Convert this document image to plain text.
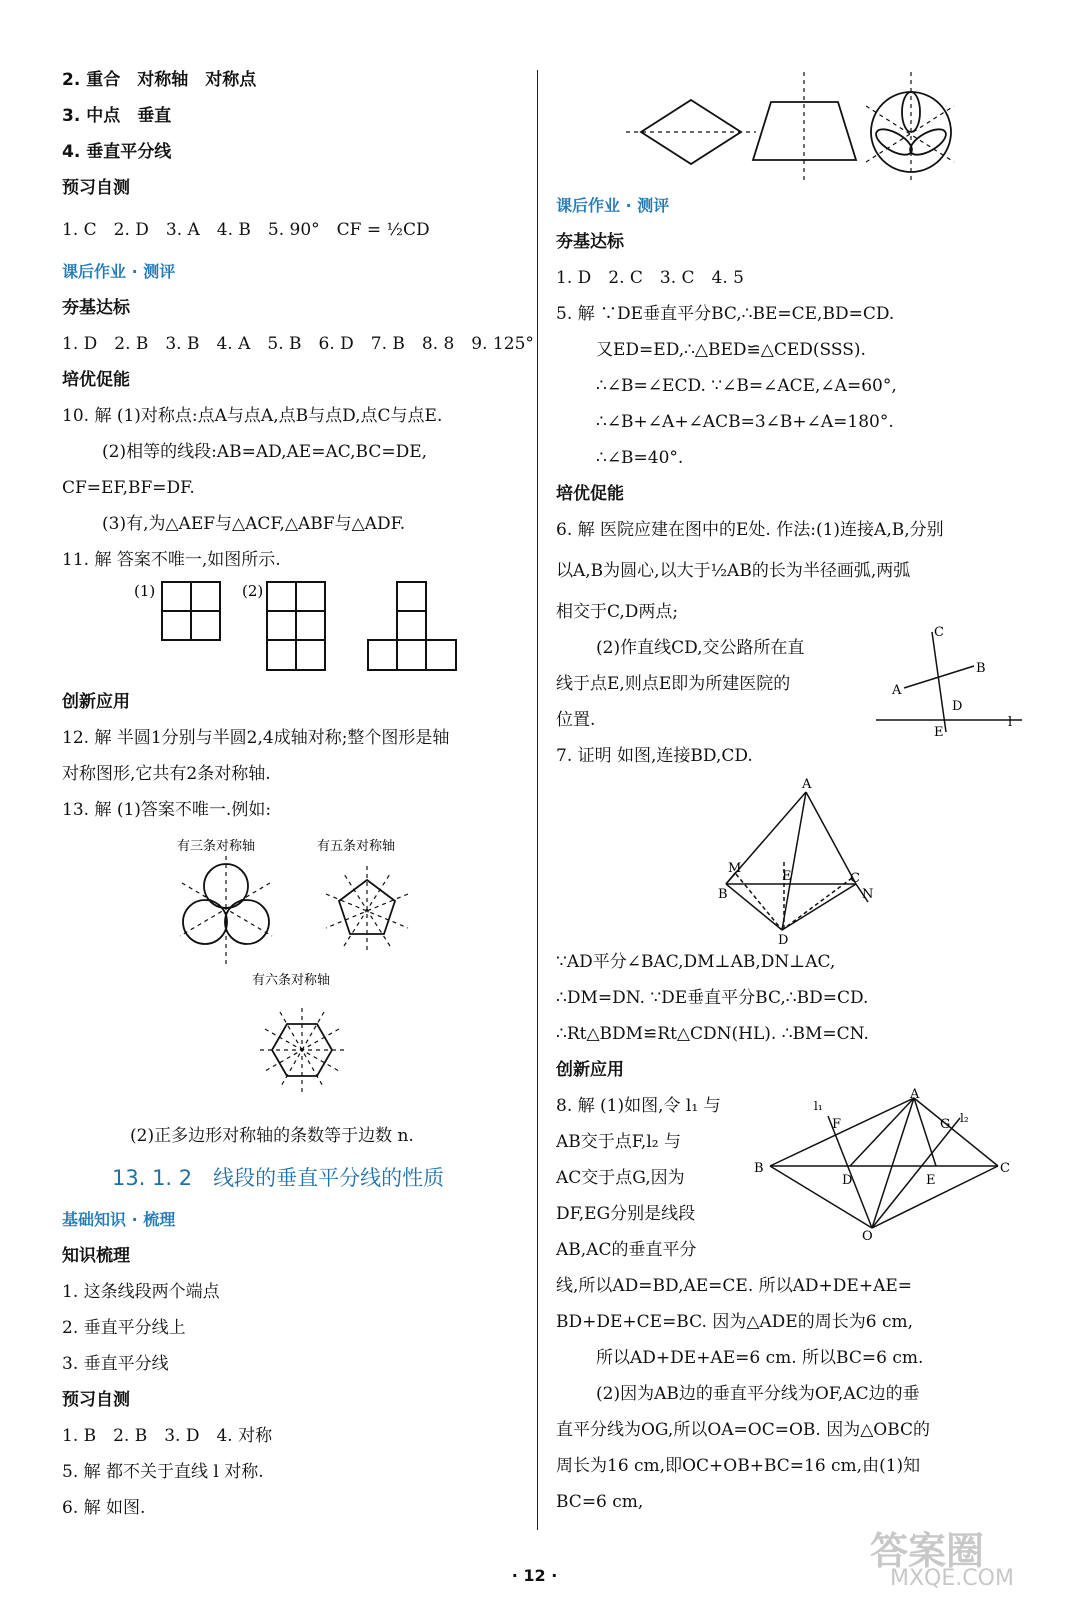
2. 重合　对称轴　对称点
3. 中点　垂直
4. 垂直平分线
预习自测
1. C　2. D　3. A　4. B　5. 90°　CF = ½CD
课后作业 · 测评
夯基达标
1. D　2. B　3. B　4. A　5. B　6. D　7. B　8. 8　9. 125°
培优促能
10. 解 (1)对称点:点A与点A,点B与点D,点C与点E.
(2)相等的线段:AB=AD,AE=AC,BC=DE,
CF=EF,BF=DF.
(3)有,为△AEF与△ACF,△ABF与△ADF.
11. 解 答案不唯一,如图所示.
(1)	(2)
创新应用
12. 解 半圆1分别与半圆2,4成轴对称;整个图形是轴
对称图形,它共有2条对称轴.
13. 解 (1)答案不唯一.例如:
有三条对称轴	有五条对称轴
有六条对称轴
(2)正多边形对称轴的条数等于边数 n.
13. 1. 2　线段的垂直平分线的性质
基础知识 · 梳理
知识梳理
1. 这条线段两个端点
2. 垂直平分线上
3. 垂直平分线
预习自测
1. B　2. B　3. D　4. 对称
5. 解 都不关于直线 l 对称.
6. 解 如图.
课后作业 · 测评
夯基达标
1. D　2. C　3. C　4. 5
5. 解 ∵DE垂直平分BC,∴BE=CE,BD=CD.
又ED=ED,∴△BED≌△CED(SSS).
∴∠B=∠ECD. ∵∠B=∠ACE,∠A=60°,
∴∠B+∠A+∠ACB=3∠B+∠A=180°.
∴∠B=40°.
培优促能
6. 解 医院应建在图中的E处. 作法:(1)连接A,B,分别
以A,B为圆心,以大于½AB的长为半径画弧,两弧
相交于C,D两点;
(2)作直线CD,交公路所在直
线于点E,则点E即为所建医院的
位置.
C
B
A
D
E
l
7. 证明 如图,连接BD,CD.
A
M
B
E	C
N
D
∵AD平分∠BAC,DM⊥AB,DN⊥AC,
∴DM=DN. ∵DE垂直平分BC,∴BD=CD.
∴Rt△BDM≌Rt△CDN(HL). ∴BM=CN.
创新应用
8. 解 (1)如图,令 l₁ 与
AB交于点F,l₂ 与
AC交于点G,因为
DF,EG分别是线段
AB,AC的垂直平分
A
l₁
F	G l₂
B
D	E
C
O
线,所以AD=BD,AE=CE. 所以AD+DE+AE=
BD+DE+CE=BC. 因为△ADE的周长为6 cm,
所以AD+DE+AE=6 cm. 所以BC=6 cm.
(2)因为AB边的垂直平分线为OF,AC边的垂
直平分线为OG,所以OA=OC=OB. 因为△OBC的
周长为16 cm,即OC+OB+BC=16 cm,由(1)知
BC=6 cm,
· 12 ·
答案圈
MXQE.COM
